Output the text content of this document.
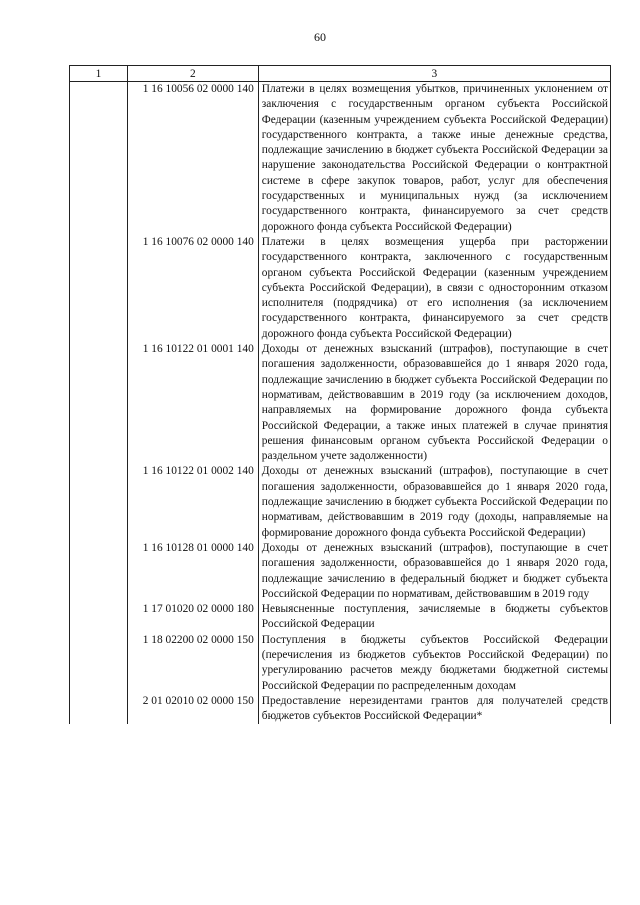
60
1	2	3
	1 16 10056 02 0000 140	Платежи в целях возмещения убытков, причиненных уклонением от заключения с государственным органом субъекта Российской Федерации (казенным учреждением субъекта Российской Федерации) государственного контракта, а также иные денежные средства, подлежащие зачислению в бюджет субъекта Российской Федерации за нарушение законодательства Российской Федерации о контрактной системе в сфере закупок товаров, работ, услуг для обеспечения государственных и муниципальных нужд (за исключением государственного контракта, финансируемого за счет средств дорожного фонда субъекта Российской Федерации)
	1 16 10076 02 0000 140	Платежи в целях возмещения ущерба при расторжении государственного контракта, заключенного с государственным органом субъекта Российской Федерации (казенным учреждением субъекта Российской Федерации), в связи с односторонним отказом исполнителя (подрядчика) от его исполнения (за исключением государственного контракта, финансируемого за счет средств дорожного фонда субъекта Российской Федерации)
	1 16 10122 01 0001 140	Доходы от денежных взысканий (штрафов), поступающие в счет погашения задолженности, образовавшейся до 1 января 2020 года, подлежащие зачислению в бюджет субъекта Российской Федерации по нормативам, действовавшим в 2019 году (за исключением доходов, направляемых на формирование дорожного фонда субъекта Российской Федерации, а также иных платежей в случае принятия решения финансовым органом субъекта Российской Федерации о раздельном учете задолженности)
	1 16 10122 01 0002 140	Доходы от денежных взысканий (штрафов), поступающие в счет погашения задолженности, образовавшейся до 1 января 2020 года, подлежащие зачислению в бюджет субъекта Российской Федерации по нормативам, действовавшим в 2019 году (доходы, направляемые на формирование дорожного фонда субъекта Российской Федерации)
	1 16 10128 01 0000 140	Доходы от денежных взысканий (штрафов), поступающие в счет погашения задолженности, образовавшейся до 1 января 2020 года, подлежащие зачислению в федеральный бюджет и бюджет субъекта Российской Федерации по нормативам, действовавшим в 2019 году
	1 17 01020 02 0000 180	Невыясненные поступления, зачисляемые в бюджеты субъектов Российской Федерации
	1 18 02200 02 0000 150	Поступления в бюджеты субъектов Российской Федерации (перечисления из бюджетов субъектов Российской Федерации) по урегулированию расчетов между бюджетами бюджетной системы Российской Федерации по распределенным доходам
	2 01 02010 02 0000 150	Предоставление нерезидентами грантов для получателей средств бюджетов субъектов Российской Федерации*
